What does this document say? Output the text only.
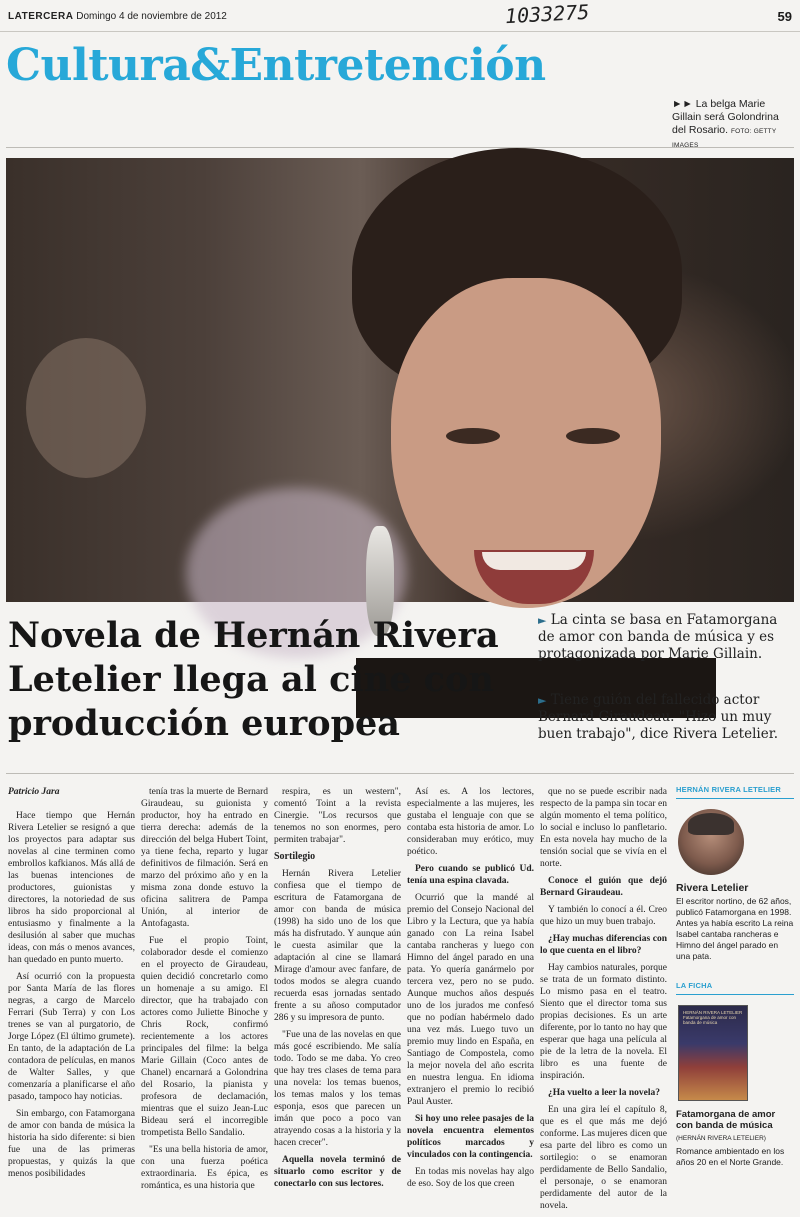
LATERCERA Domingo 4 de noviembre de 2012	1033275	59
Cultura&Entretención
►► La belga Marie Gillain será Golondrina del Rosario. FOTO: GETTY IMAGES
Novela de Hernán Rivera Letelier llega al cine con producción europea
► La cinta se basa en Fatamorgana de amor con banda de música y es protagonizada por Marie Gillain.
► Tiene guión del fallecido actor Bernard Giraudeau. "Hizo un muy buen trabajo", dice Rivera Letelier.

Patricio Jara

Hace tiempo que Hernán Rivera Letelier se resignó a que los proyectos para adaptar sus novelas al cine terminen como embrollos kafkianos. Más allá de las buenas intenciones de productores, guionistas y directores, la notoriedad de sus libros ha sido proporcional al entusiasmo y finalmente a la desilusión al saber que muchas ideas, con más o menos avances, han quedado en punto muerto.

Así ocurrió con la propuesta por Santa María de las flores negras, a cargo de Marcelo Ferrari (Sub Terra) y con Los trenes se van al purgatorio, de Jorge López (El último grumete). En tanto, de la adaptación de La contadora de películas, en manos de Walter Salles, y que comenzaría a planificarse el año pasado, tampoco hay noticias.

Sin embargo, con Fatamorgana de amor con banda de música la historia ha sido diferente: si bien fue una de las primeras propuestas, y quizás la que menos posibilidades

tenía tras la muerte de Bernard Giraudeau, su guionista y productor, hoy ha entrado en tierra derecha: además de la dirección del belga Hubert Toint, ya tiene fecha, reparto y lugar definitivos de filmación. Será en marzo del próximo año y en la misma zona donde estuvo la oficina salitrera de Pampa Unión, al interior de Antofagasta.

Fue el propio Toint, colaborador desde el comienzo en el proyecto de Giraudeau, quien decidió concretarlo como un homenaje a su amigo. El director, que ha trabajado con actores como Juliette Binoche y Chris Rock, confirmó recientemente a los actores principales del filme: la belga Marie Gillain (Coco antes de Chanel) encarnará a Golondrina del Rosario, la pianista y profesora de declamación, mientras que el suizo Jean-Luc Bideau será el incorregible trompetista Bello Sandalio.

"Es una bella historia de amor, con una fuerza poética extraordinaria. Es épica, es romántica, es una historia que

respira, es un western", comentó Toint a la revista Cinergie. "Los recursos que tenemos no son enormes, pero permiten trabajar".

Sortilegio

Hernán Rivera Letelier confiesa que el tiempo de escritura de Fatamorgana de amor con banda de música (1998) ha sido uno de los que más ha disfrutado. Y aunque aún le cuesta asimilar que la adaptación al cine se llamará Mirage d'amour avec fanfare, de todos modos se alegra cuando recuerda esas jornadas sentado frente a su añoso computador 286 y su impresora de punto.

"Fue una de las novelas en que más gocé escribiendo. Me salía todo. Todo se me daba. Yo creo que hay tres clases de tema para una novela: los temas buenos, los temas malos y los temas esponja, esos que parecen un imán que poco a poco van atrayendo cosas a la historia y la hacen crecer".

Aquella novela terminó de situarlo como escritor y de conectarlo con sus lectores.

Así es. A los lectores, especialmente a las mujeres, les gustaba el lenguaje con que se contaba esta historia de amor. Lo consideraban muy erótico, muy poético.

Pero cuando se publicó Ud. tenía una espina clavada.

Ocurrió que la mandé al premio del Consejo Nacional del Libro y la Lectura, que ya había ganado con La reina Isabel cantaba rancheras y luego con Himno del ángel parado en una pata. Yo quería ganármelo por tercera vez, pero no se pudo. Aunque muchos años después uno de los jurados me confesó que no podían habérmelo dado una vez más. Luego tuvo un premio muy lindo en España, en Santiago de Compostela, como la mejor novela del año escrita en nuestra lengua. En idioma extranjero el premio lo recibió Paul Auster.

Si hoy uno relee pasajes de la novela encuentra elementos políticos marcados y vinculados con la contingencia.

En todas mis novelas hay algo de eso. Soy de los que creen

que no se puede escribir nada respecto de la pampa sin tocar en algún momento el tema político, lo social e incluso lo panfletario. En esta novela hay mucho de la tensión social que se vivía en el norte.

Conoce el guión que dejó Bernard Giraudeau.

Y también lo conocí a él. Creo que hizo un muy buen trabajo.

¿Hay muchas diferencias con lo que cuenta en el libro?

Hay cambios naturales, porque se trata de un formato distinto. Lo mismo pasa en el teatro. Siento que el director toma sus propias decisiones. Es un arte diferente, por lo tanto no hay que esperar que haga una película al pie de la letra de la novela. El libro es una fuente de inspiración.

¿Ha vuelto a leer la novela?

En una gira leí el capítulo 8, que es el que más me dejó conforme. Las mujeres dicen que esa parte del libro es como un sortilegio: o se enamoran perdidamente de Bello Sandalio, el personaje, o se enamoran perdidamente del autor de la novela.

HERNÁN RIVERA LETELIER
Rivera Letelier
El escritor nortino, de 62 años, publicó Fatamorgana en 1998. Antes ya había escrito La reina Isabel cantaba rancheras e Himno del ángel parado en una pata.
LA FICHA
HERNÁN RIVERA LETELIER Fatamorgana de amor con banda de música
Fatamorgana de amor con banda de música
(HERNÁN RIVERA LETELIER)
Romance ambientado en los años 20 en el Norte Grande.
